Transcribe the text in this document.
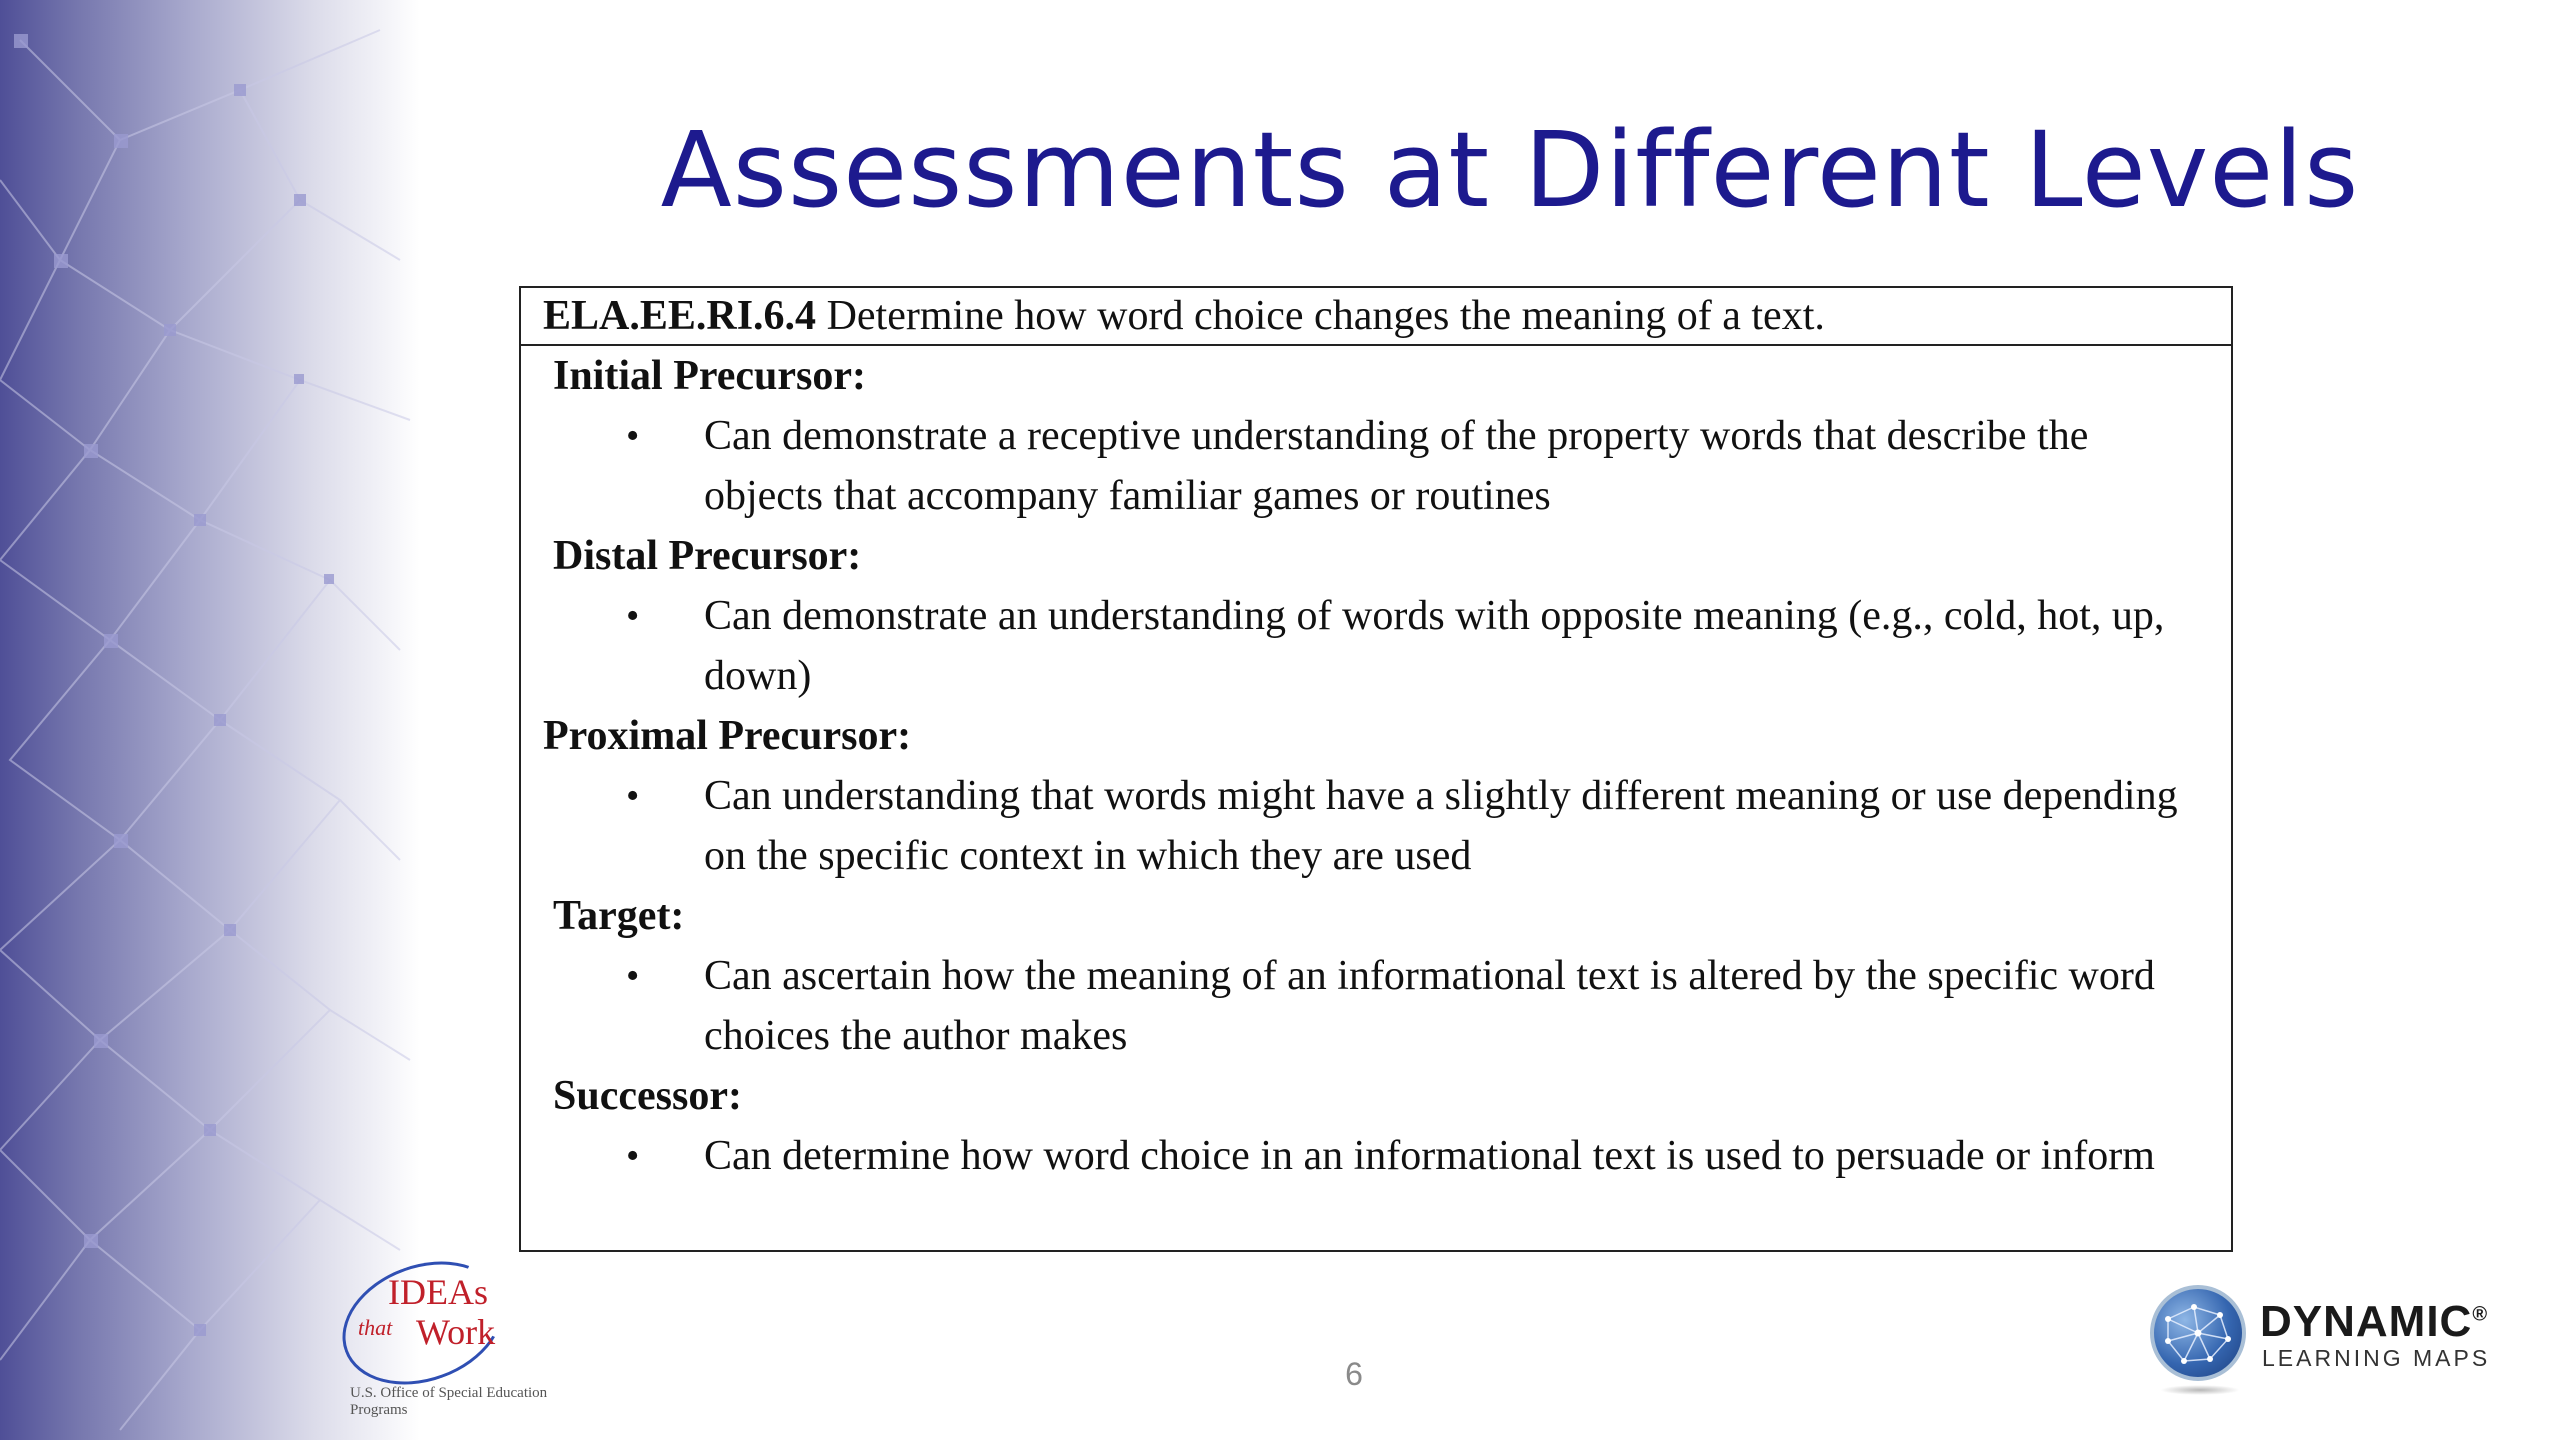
Assessments at Different Levels
ELA.EE.RI.6.4 Determine how word choice changes the meaning of a text.
Initial Precursor:
• Can demonstrate a receptive understanding of the property words that describe the objects that accompany familiar games or routines
Distal Precursor:
• Can demonstrate an understanding of words with opposite meaning (e.g., cold, hot, up, down)
Proximal Precursor:
• Can understanding that words might have a slightly different meaning or use depending on the specific context in which they are used
Target:
• Can ascertain how the meaning of an informational text is altered by the specific word choices the author makes
Successor:
• Can determine how word choice in an informational text is used to persuade or inform
IDEAs
that Work
U.S. Office of Special Education Programs
6
DYNAMIC®
LEARNING MAPS
